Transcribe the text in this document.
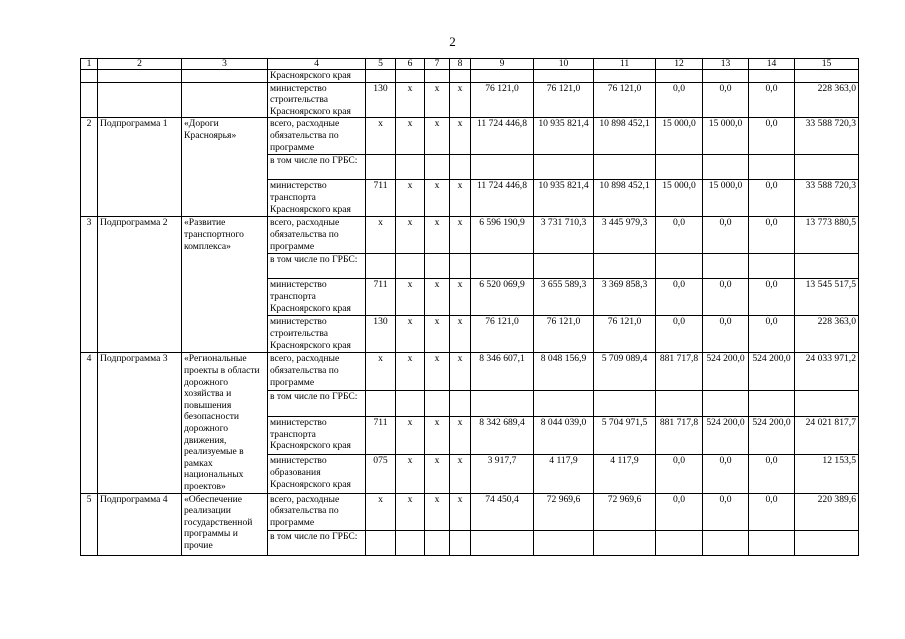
2
1	2	3	4	5	6	7	8	9	10	11	12	13	14	15
			Красноярского края											
			министерство строительства Красноярского края	130	x	x	x	76 121,0	76 121,0	76 121,0	0,0	0,0	0,0	228 363,0
2	Подпрограмма 1	«Дороги Красноярья»	всего, расходные обязательства по программе	x	x	x	x	11 724 446,8	10 935 821,4	10 898 452,1	15 000,0	15 000,0	0,0	33 588 720,3
			в том числе по ГРБС:											
			министерство транспорта Красноярского края	711	x	x	x	11 724 446,8	10 935 821,4	10 898 452,1	15 000,0	15 000,0	0,0	33 588 720,3
3	Подпрограмма 2	«Развитие транспортного комплекса»	всего, расходные обязательства по программе	x	x	x	x	6 596 190,9	3 731 710,3	3 445 979,3	0,0	0,0	0,0	13 773 880,5
			в том числе по ГРБС:											
			министерство транспорта Красноярского края	711	x	x	x	6 520 069,9	3 655 589,3	3 369 858,3	0,0	0,0	0,0	13 545 517,5
			министерство строительства Красноярского края	130	x	x	x	76 121,0	76 121,0	76 121,0	0,0	0,0	0,0	228 363,0
4	Подпрограмма 3	«Региональные проекты в области дорожного хозяйства и повышения безопасности дорожного движения, реализуемые в рамках национальных проектов»	всего, расходные обязательства по программе	x	x	x	x	8 346 607,1	8 048 156,9	5 709 089,4	881 717,8	524 200,0	524 200,0	24 033 971,2
			в том числе по ГРБС:											
			министерство транспорта Красноярского края	711	x	x	x	8 342 689,4	8 044 039,0	5 704 971,5	881 717,8	524 200,0	524 200,0	24 021 817,7
			министерство образования Красноярского края	075	x	x	x	3 917,7	4 117,9	4 117,9	0,0	0,0	0,0	12 153,5
5	Подпрограмма 4	«Обеспечение реализации государственной программы и прочие	всего, расходные обязательства по программе	x	x	x	x	74 450,4	72 969,6	72 969,6	0,0	0,0	0,0	220 389,6
			в том числе по ГРБС:											
